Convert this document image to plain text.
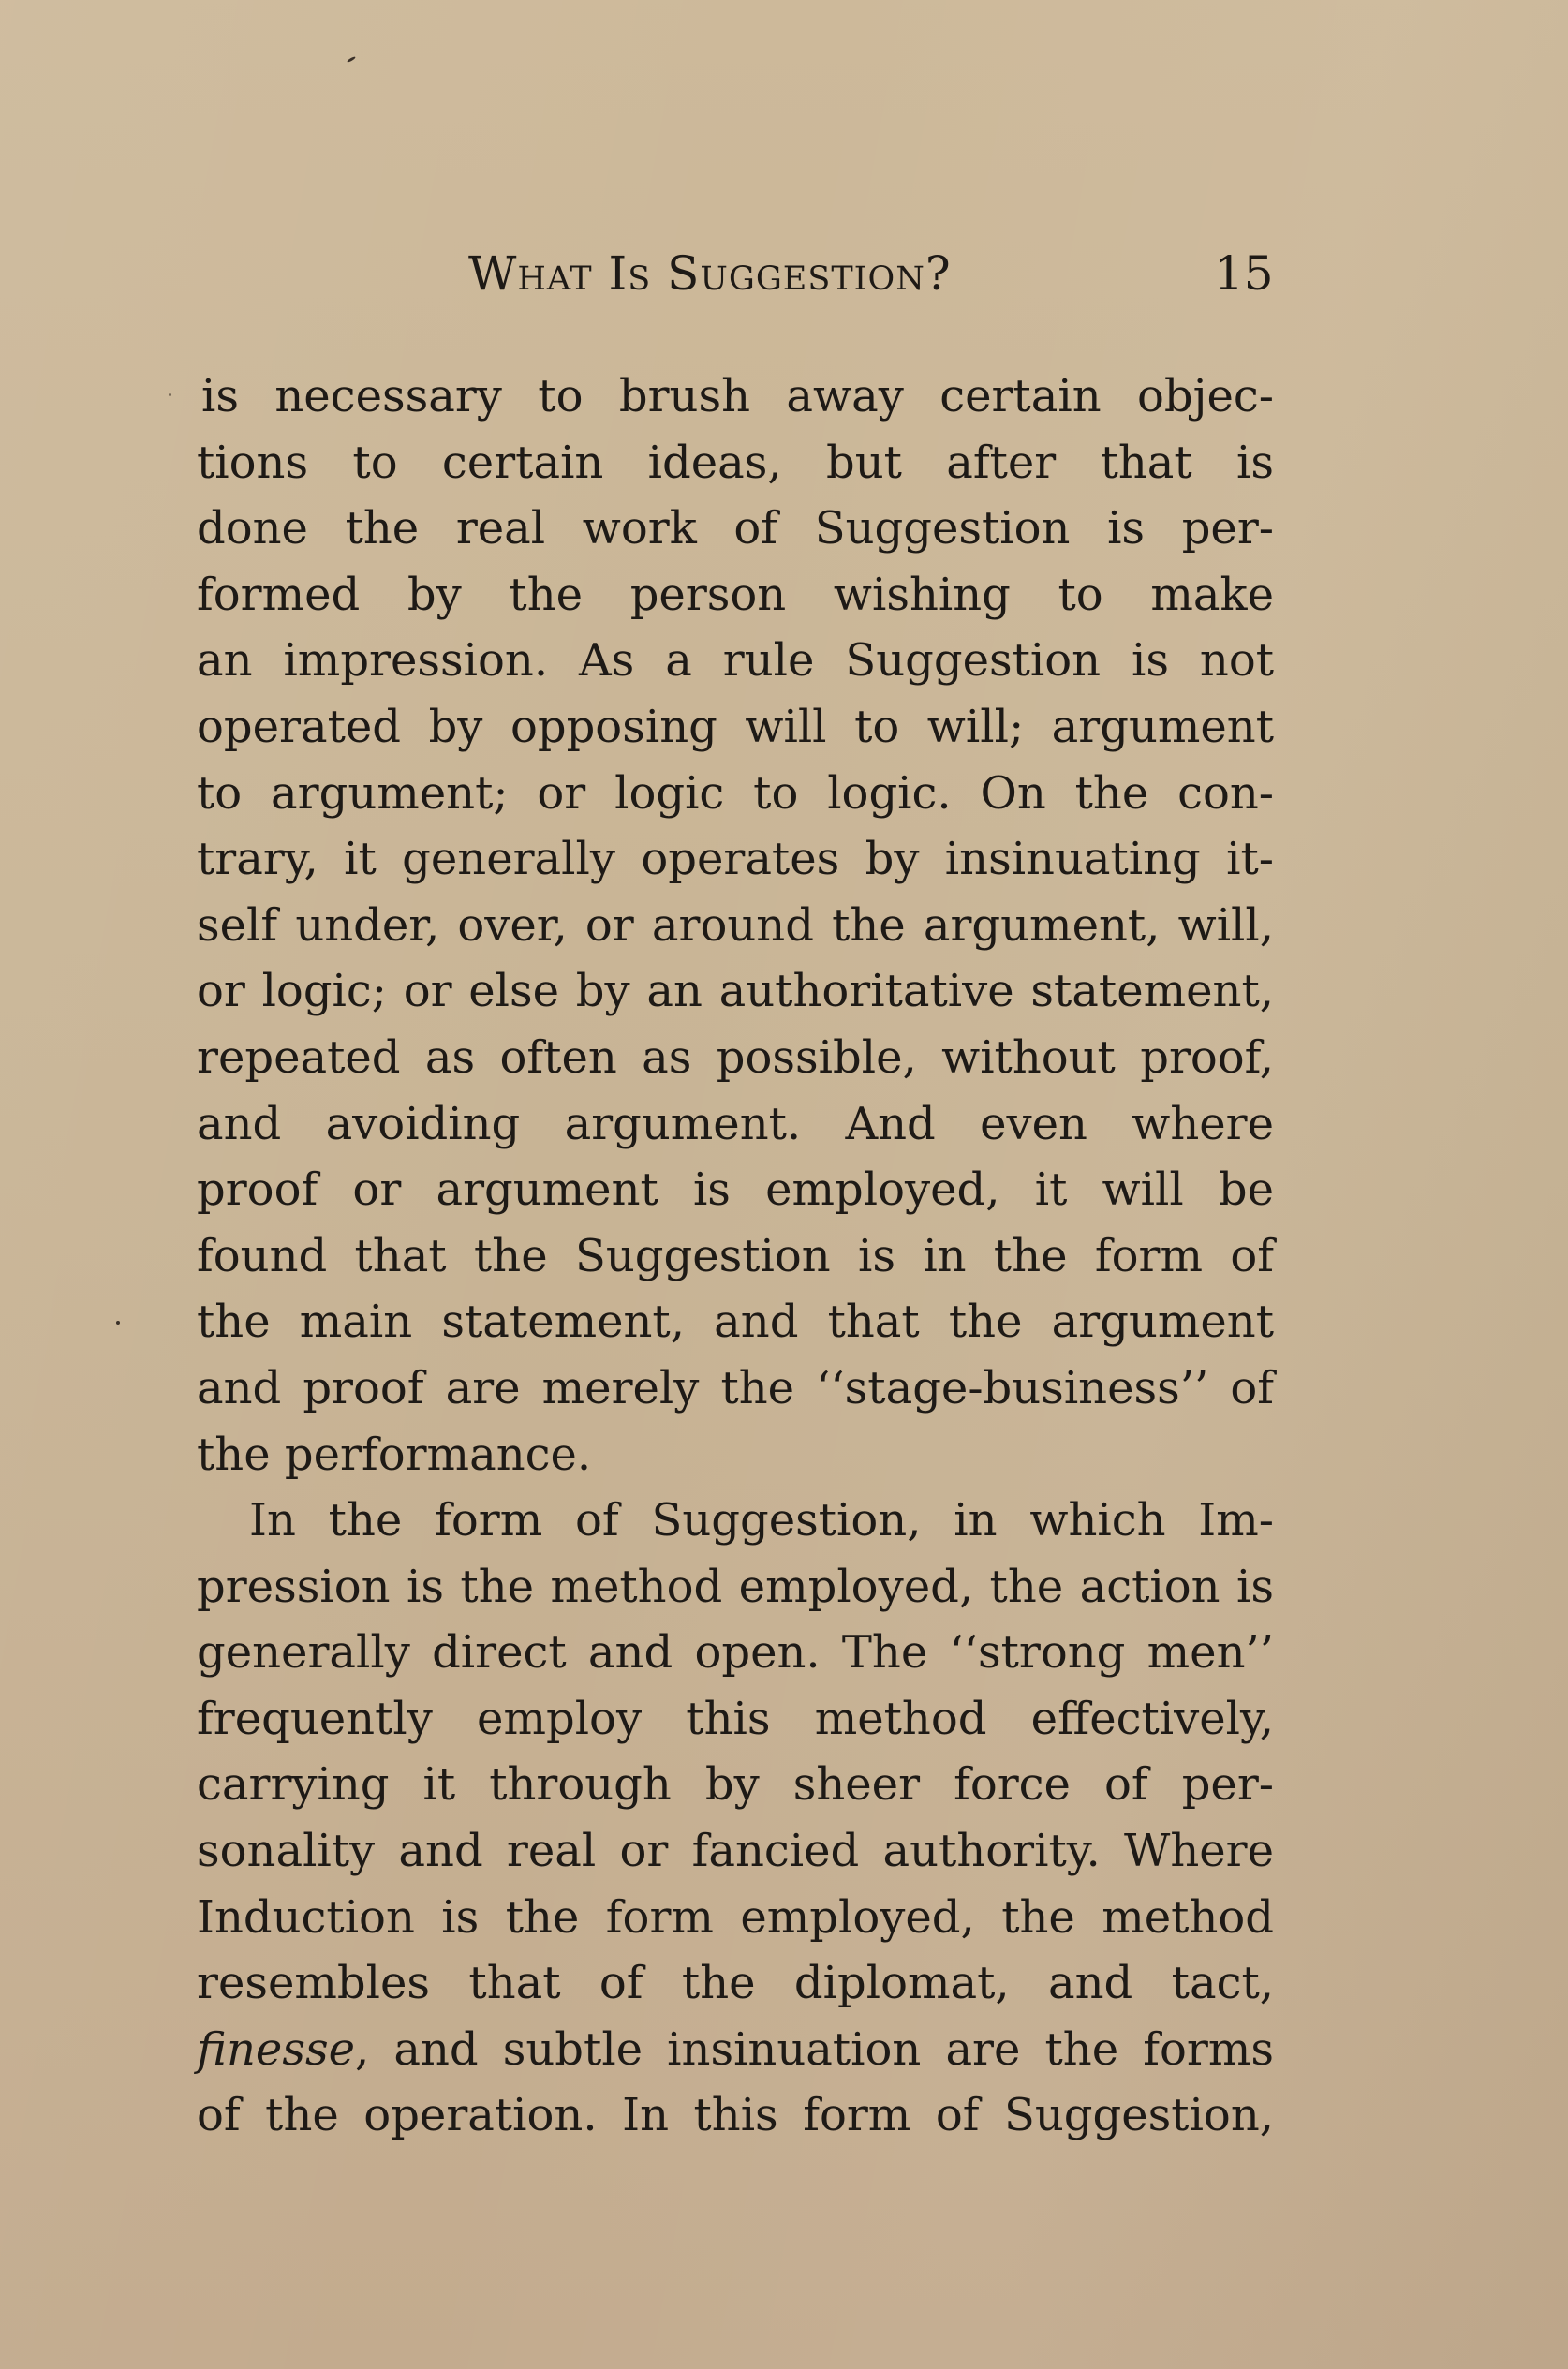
What Is Suggestion?	15
is necessary to brush away certain objec-
tions to certain ideas, but after that is
done the real work of Suggestion is per-
formed by the person wishing to make
an impression. As a rule Suggestion is not
operated by opposing will to will; argument
to argument; or logic to logic. On the con-
trary, it generally operates by insinuating it-
self under, over, or around the argument, will,
or logic; or else by an authoritative statement,
repeated as often as possible, without proof,
and avoiding argument. And even where
proof or argument is employed, it will be
found that the Suggestion is in the form of
the main statement, and that the argument
and proof are merely the ‘‘stage-business’’ of
the performance.
In the form of Suggestion, in which Im-
pression is the method employed, the action is
generally direct and open. The ‘‘strong men’’
frequently employ this method effectively,
carrying it through by sheer force of per-
sonality and real or fancied authority. Where
Induction is the form employed, the method
resembles that of the diplomat, and tact,
finesse, and subtle insinuation are the forms
of the operation. In this form of Suggestion,
